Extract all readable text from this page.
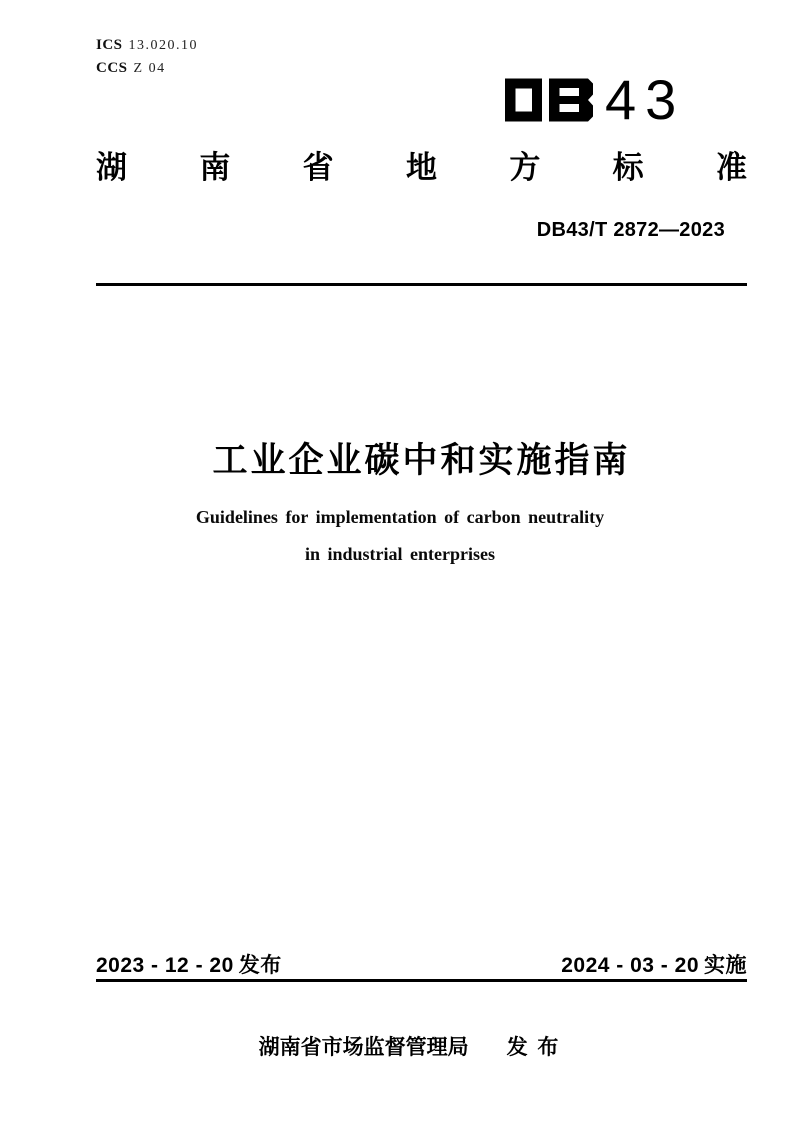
ICS 13.020.10
CCS Z 04	43
湖 南 省 地 方 标 准
DB43/T 2872—2023
工业企业碳中和实施指南
Guidelines for implementation of carbon neutrality
in industrial enterprises
2023 - 12 - 20 发布	2024 - 03 - 20 实施
湖南省市场监督管理局 发 布
